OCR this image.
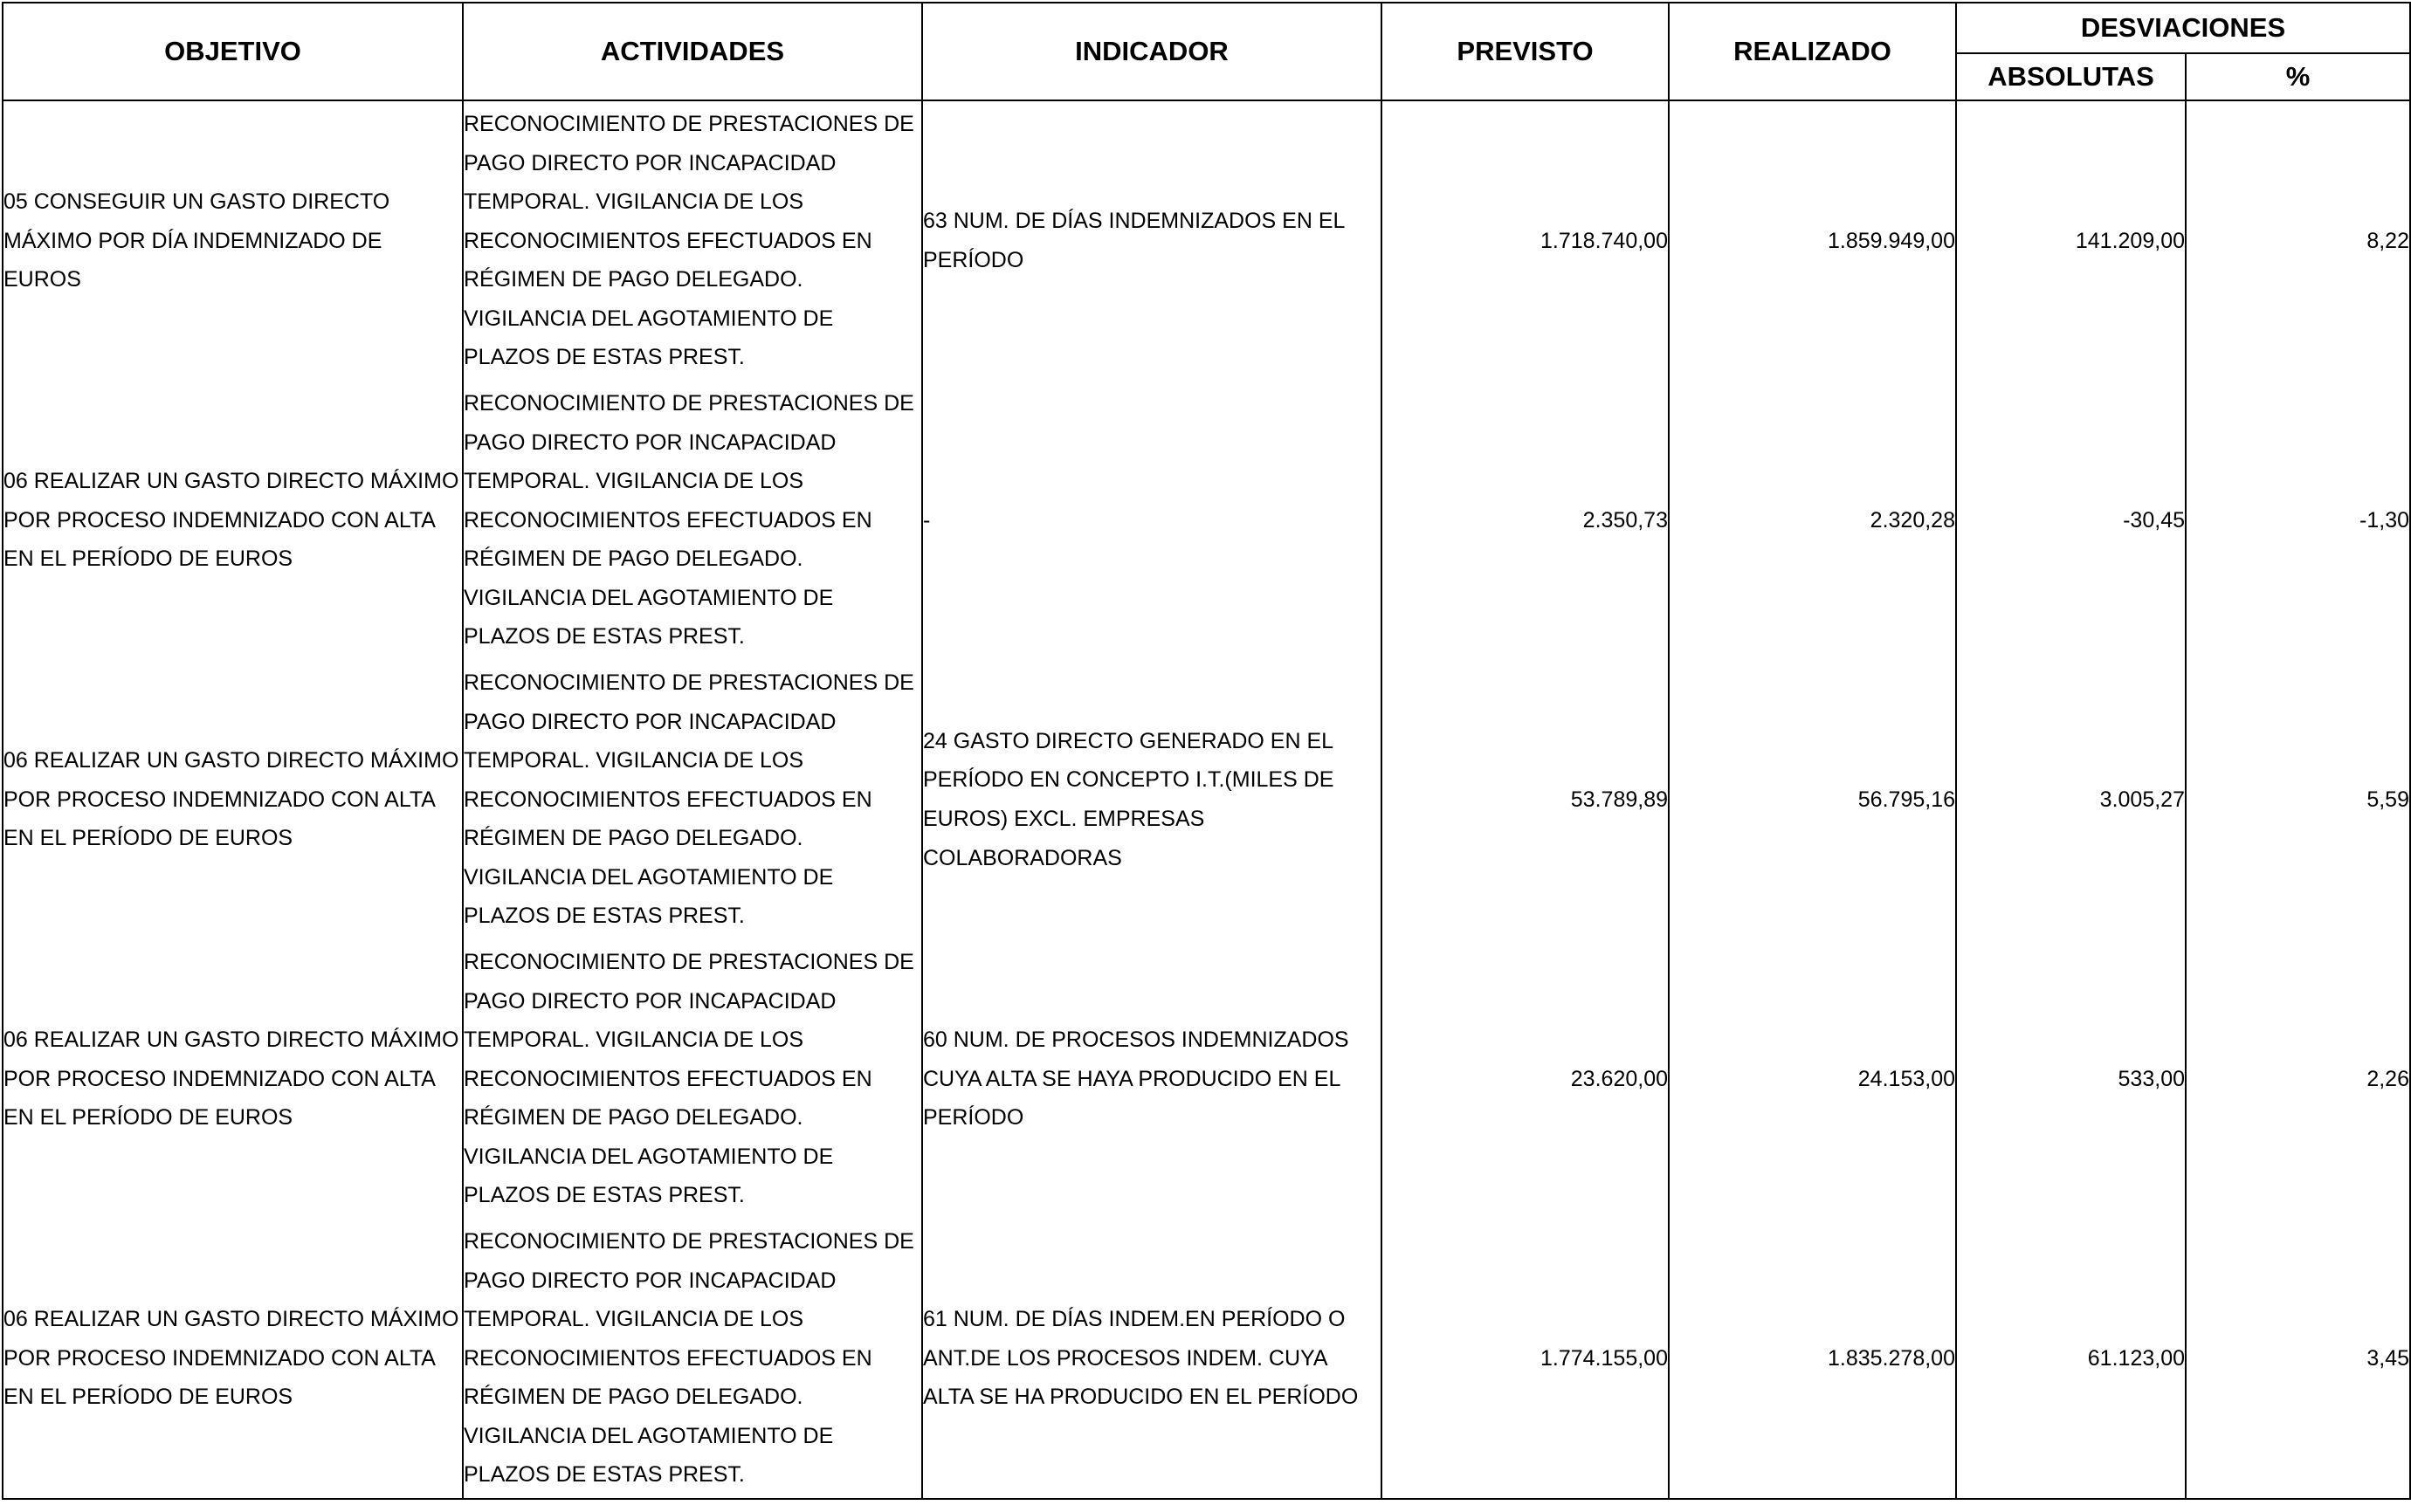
OBJETIVO	ACTIVIDADES	INDICADOR	PREVISTO	REALIZADO	DESVIACIONES	
					ABSOLUTAS	%
05 CONSEGUIR UN GASTO DIRECTO MÁXIMO POR DÍA INDEMNIZADO DE EUROS	RECONOCIMIENTO DE PRESTACIONES DE PAGO DIRECTO POR INCAPACIDAD TEMPORAL. VIGILANCIA DE LOS RECONOCIMIENTOS EFECTUADOS EN RÉGIMEN DE PAGO DELEGADO. VIGILANCIA DEL AGOTAMIENTO DE PLAZOS DE ESTAS PREST.	63 NUM. DE DÍAS INDEMNIZADOS EN EL PERÍODO	1.718.740,00	1.859.949,00	141.209,00	8,22
06 REALIZAR UN GASTO DIRECTO MÁXIMO POR PROCESO INDEMNIZADO CON ALTA EN EL PERÍODO DE EUROS	RECONOCIMIENTO DE PRESTACIONES DE PAGO DIRECTO POR INCAPACIDAD TEMPORAL. VIGILANCIA DE LOS RECONOCIMIENTOS EFECTUADOS EN RÉGIMEN DE PAGO DELEGADO. VIGILANCIA DEL AGOTAMIENTO DE PLAZOS DE ESTAS PREST.	-	2.350,73	2.320,28	-30,45	-1,30
06 REALIZAR UN GASTO DIRECTO MÁXIMO POR PROCESO INDEMNIZADO CON ALTA EN EL PERÍODO DE EUROS	RECONOCIMIENTO DE PRESTACIONES DE PAGO DIRECTO POR INCAPACIDAD TEMPORAL. VIGILANCIA DE LOS RECONOCIMIENTOS EFECTUADOS EN RÉGIMEN DE PAGO DELEGADO. VIGILANCIA DEL AGOTAMIENTO DE PLAZOS DE ESTAS PREST.	24 GASTO DIRECTO GENERADO EN EL PERÍODO EN CONCEPTO I.T.(MILES DE EUROS) EXCL. EMPRESAS COLABORADORAS	53.789,89	56.795,16	3.005,27	5,59
06 REALIZAR UN GASTO DIRECTO MÁXIMO POR PROCESO INDEMNIZADO CON ALTA EN EL PERÍODO DE EUROS	RECONOCIMIENTO DE PRESTACIONES DE PAGO DIRECTO POR INCAPACIDAD TEMPORAL. VIGILANCIA DE LOS RECONOCIMIENTOS EFECTUADOS EN RÉGIMEN DE PAGO DELEGADO. VIGILANCIA DEL AGOTAMIENTO DE PLAZOS DE ESTAS PREST.	60 NUM. DE PROCESOS INDEMNIZADOS CUYA ALTA SE HAYA PRODUCIDO EN EL PERÍODO	23.620,00	24.153,00	533,00	2,26
06 REALIZAR UN GASTO DIRECTO MÁXIMO POR PROCESO INDEMNIZADO CON ALTA EN EL PERÍODO DE EUROS	RECONOCIMIENTO DE PRESTACIONES DE PAGO DIRECTO POR INCAPACIDAD TEMPORAL. VIGILANCIA DE LOS RECONOCIMIENTOS EFECTUADOS EN RÉGIMEN DE PAGO DELEGADO. VIGILANCIA DEL AGOTAMIENTO DE PLAZOS DE ESTAS PREST.	61 NUM. DE DÍAS INDEM.EN PERÍODO O ANT.DE LOS PROCESOS INDEM. CUYA ALTA SE HA PRODUCIDO EN EL PERÍODO	1.774.155,00	1.835.278,00	61.123,00	3,45
